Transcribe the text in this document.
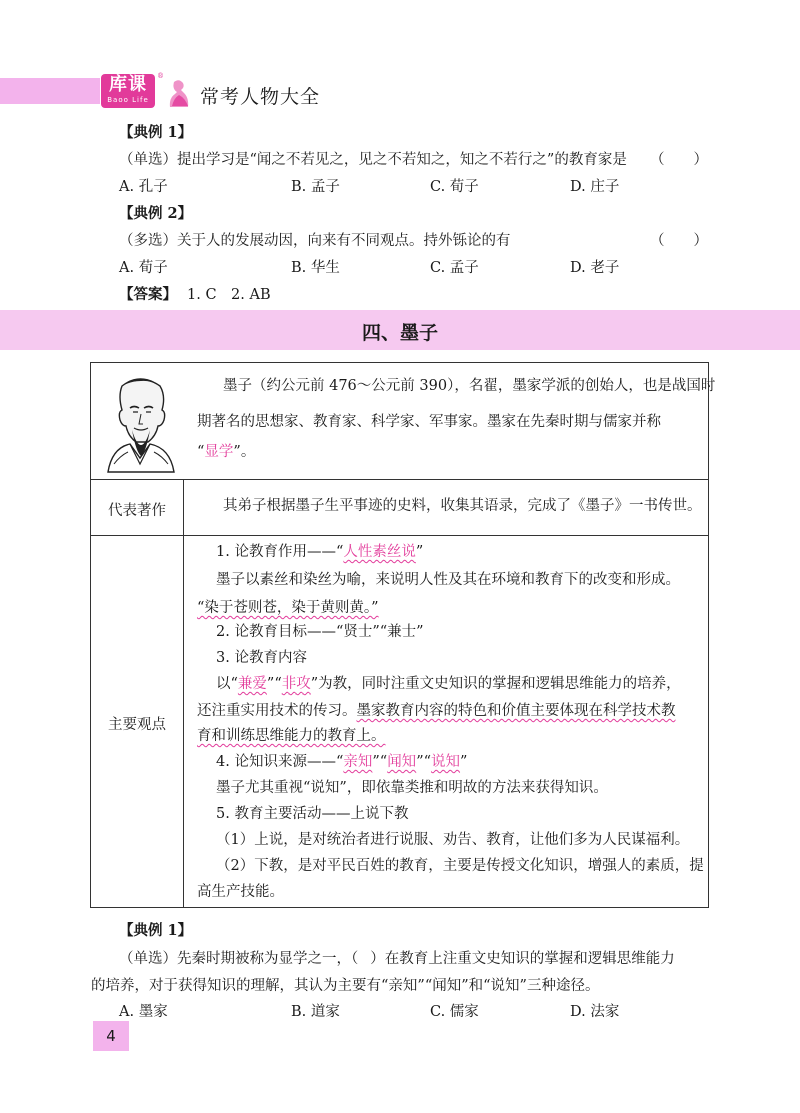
库课
Baoo Life
®
常考人物大全
【典例 1】
（单选）提出学习是“闻之不若见之，见之不若知之，知之不若行之”的教育家是 （　　）
A. 孔子	B. 孟子	C. 荀子	D. 庄子
【典例 2】
（多选）关于人的发展动因，向来有不同观点。持外铄论的有	（　　）
A. 荀子	B. 华生	C. 孟子	D. 老子
【答案】 1. C　2. AB
四、墨子
墨子（约公元前 476～公元前 390），名翟，墨家学派的创始人，也是战国时
期著名的思想家、教育家、科学家、军事家。墨家在先秦时期与儒家并称
“显学”。
代表著作	其弟子根据墨子生平事迹的史料，收集其语录，完成了《墨子》一书传世。
主要观点
1. 论教育作用——“人性素丝说”
墨子以素丝和染丝为喻，来说明人性及其在环境和教育下的改变和形成。
“染于苍则苍，染于黄则黄。”
2. 论教育目标——“贤士”“兼士”
3. 论教育内容
以“兼爱”“非攻”为教，同时注重文史知识的掌握和逻辑思维能力的培养，
还注重实用技术的传习。墨家教育内容的特色和价值主要体现在科学技术教
育和训练思维能力的教育上。
4. 论知识来源——“亲知”“闻知”“说知”
墨子尤其重视“说知”，即依靠类推和明故的方法来获得知识。
5. 教育主要活动——上说下教
（1）上说，是对统治者进行说服、劝告、教育，让他们多为人民谋福利。
（2）下教，是对平民百姓的教育，主要是传授文化知识，增强人的素质，提
高生产技能。
【典例 1】
（单选）先秦时期被称为显学之一，（ ）在教育上注重文史知识的掌握和逻辑思维能力
的培养，对于获得知识的理解，其认为主要有“亲知”“闻知”和“说知”三种途径。
A. 墨家	B. 道家	C. 儒家	D. 法家
4
